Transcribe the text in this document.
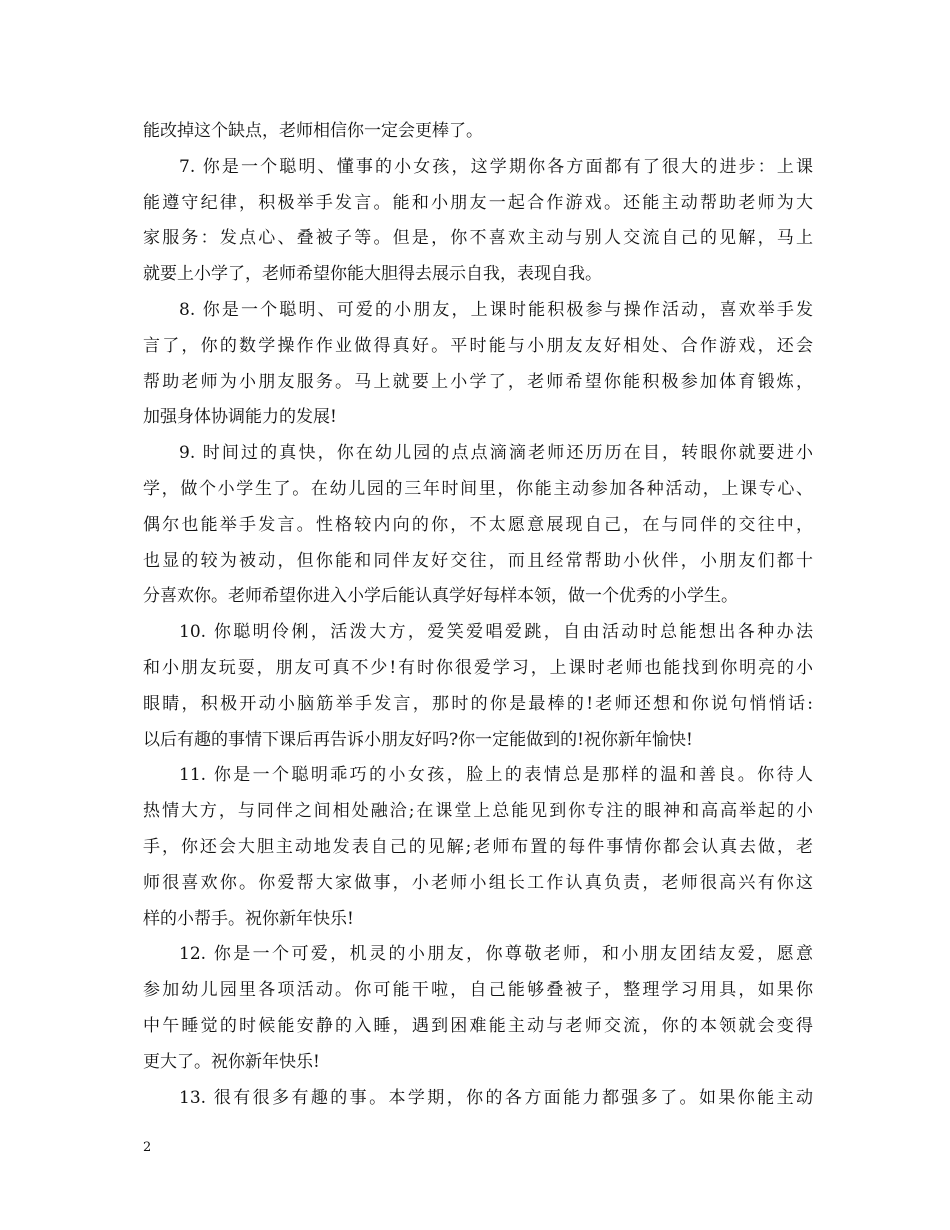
能改掉这个缺点，老师相信你一定会更棒了。

7. 你是一个聪明、懂事的小女孩，这学期你各方面都有了很大的进步：上课
能遵守纪律，积极举手发言。能和小朋友一起合作游戏。还能主动帮助老师为大
家服务：发点心、叠被子等。但是，你不喜欢主动与别人交流自己的见解，马上
就要上小学了，老师希望你能大胆得去展示自我，表现自我。

8. 你是一个聪明、可爱的小朋友，上课时能积极参与操作活动，喜欢举手发
言了，你的数学操作作业做得真好。平时能与小朋友友好相处、合作游戏，还会
帮助老师为小朋友服务。马上就要上小学了，老师希望你能积极参加体育锻炼，
加强身体协调能力的发展!

9. 时间过的真快，你在幼儿园的点点滴滴老师还历历在目，转眼你就要进小
学，做个小学生了。在幼儿园的三年时间里，你能主动参加各种活动，上课专心、
偶尔也能举手发言。性格较内向的你，不太愿意展现自己，在与同伴的交往中，
也显的较为被动，但你能和同伴友好交往，而且经常帮助小伙伴，小朋友们都十
分喜欢你。老师希望你进入小学后能认真学好每样本领，做一个优秀的小学生。

10. 你聪明伶俐，活泼大方，爱笑爱唱爱跳，自由活动时总能想出各种办法
和小朋友玩耍，朋友可真不少!有时你很爱学习，上课时老师也能找到你明亮的小
眼睛，积极开动小脑筋举手发言，那时的你是最棒的!老师还想和你说句悄悄话:
以后有趣的事情下课后再告诉小朋友好吗?你一定能做到的!祝你新年愉快!

11. 你是一个聪明乖巧的小女孩，脸上的表情总是那样的温和善良。你待人
热情大方，与同伴之间相处融洽;在课堂上总能见到你专注的眼神和高高举起的小
手，你还会大胆主动地发表自己的见解;老师布置的每件事情你都会认真去做，老
师很喜欢你。你爱帮大家做事，小老师小组长工作认真负责，老师很高兴有你这
样的小帮手。祝你新年快乐!

12. 你是一个可爱，机灵的小朋友，你尊敬老师，和小朋友团结友爱，愿意
参加幼儿园里各项活动。你可能干啦，自己能够叠被子，整理学习用具，如果你
中午睡觉的时候能安静的入睡，遇到困难能主动与老师交流，你的本领就会变得
更大了。祝你新年快乐!

13. 很有很多有趣的事。本学期，你的各方面能力都强多了。如果你能主动

2
